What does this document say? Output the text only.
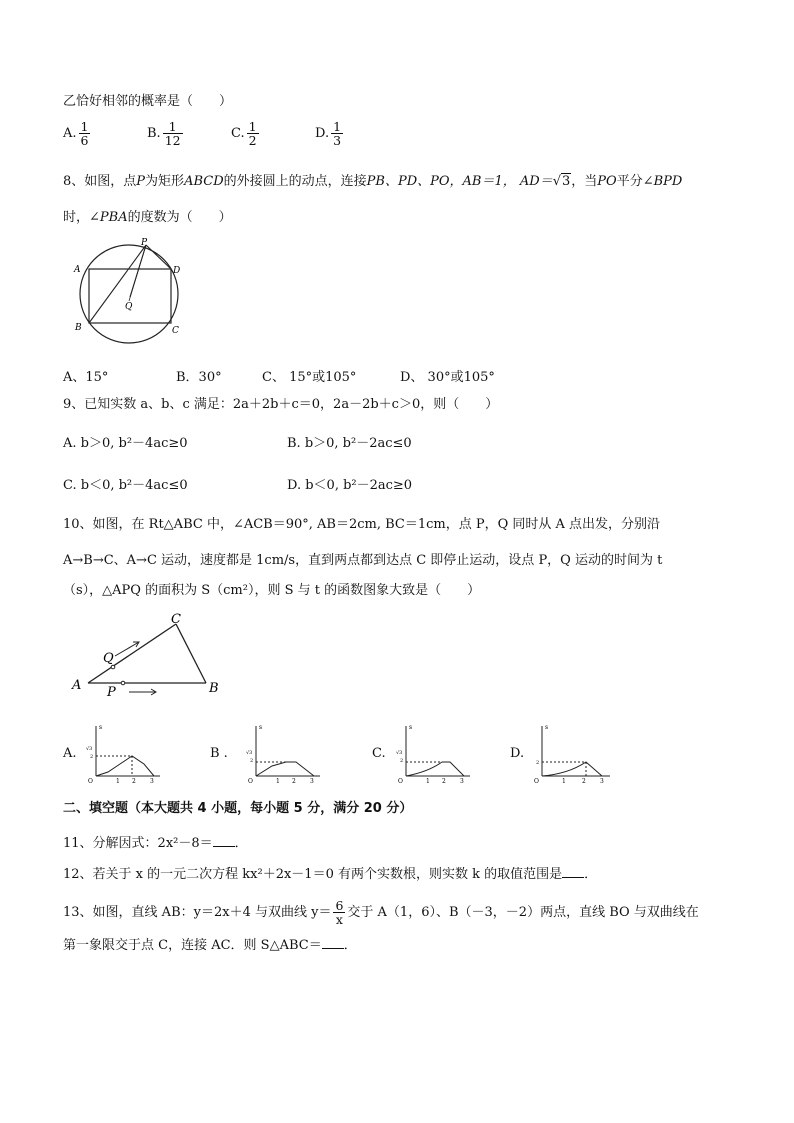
乙恰好相邻的概率是（　　）
A. $\frac{1}{6}$	B. $\frac{1}{12}$	C. $\frac{1}{2}$	D. $\frac{1}{3}$
8、如图，点P为矩形ABCD的外接圆上的动点，连接PB、PD、PO，AB＝1， AD＝√3，当PO平分∠BPD
时，∠PBA的度数为（　　）
P
A	D
Q
B	C
A、15°	B．30°	C、 15°或105°	D、 30°或105°
9、已知实数 a、b、c 满足：2a＋2b＋c＝0，2a－2b＋c＞0，则（　　）
A. b＞0, b²－4ac≥0	B. b＞0, b²－2ac≤0
C. b＜0, b²－4ac≤0	D. b＜0, b²－2ac≥0
10、如图，在 Rt△ABC 中，∠ACB＝90°, AB＝2cm, BC＝1cm，点 P，Q 同时从 A 点出发，分别沿
A→B→C、A→C 运动，速度都是 1cm/s，直到两点都到达点 C 即停止运动，设点 P，Q 运动的时间为 t
（s），△APQ 的面积为 S（cm²），则 S 与 t 的函数图象大致是（　　）
A
C
B
Q
P
A.
s
O
√3
2
1 2 3
B .
s
O
√3
2
1 2 3
C.
s
O
√3
2
1 2 3
D.
s
O
2
1	2 3
二、填空题（本大题共 4 小题，每小题 5 分，满分 20 分）
11、分解因式：2x²－8＝ ．
12、若关于 x 的一元二次方程 kx²＋2x－1＝0 有两个实数根，则实数 k 的取值范围是 ．
13、如图，直线 AB：y＝2x＋4 与双曲线 $y= \frac{6}{x}$ 交于 A（1，6）、B（－3，－2）两点，直线 BO 与双曲线在
第一象限交于点 C，连接 AC．则 S△ABC＝ ．
